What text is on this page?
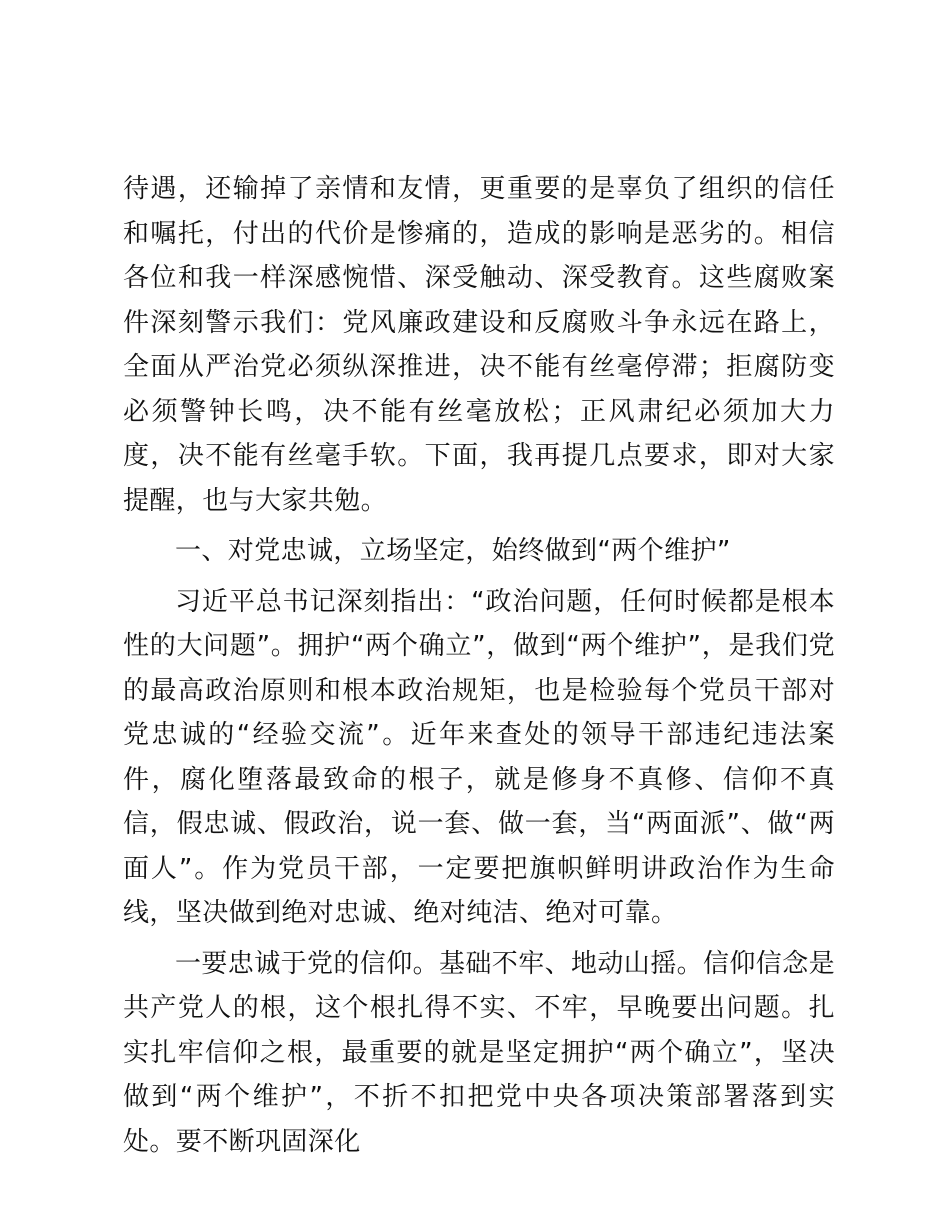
待遇，还输掉了亲情和友情，更重要的是辜负了组织的信任和嘱托，付出的代价是惨痛的，造成的影响是恶劣的。相信各位和我一样深感惋惜、深受触动、深受教育。这些腐败案件深刻警示我们：党风廉政建设和反腐败斗争永远在路上，全面从严治党必须纵深推进，决不能有丝毫停滞；拒腐防变必须警钟长鸣，决不能有丝毫放松；正风肃纪必须加大力度，决不能有丝毫手软。下面，我再提几点要求，即对大家提醒，也与大家共勉。

一、对党忠诚，立场坚定，始终做到“两个维护”

习近平总书记深刻指出：“政治问题，任何时候都是根本性的大问题”。拥护“两个确立”，做到“两个维护”，是我们党的最高政治原则和根本政治规矩，也是检验每个党员干部对党忠诚的“经验交流”。近年来查处的领导干部违纪违法案件，腐化堕落最致命的根子，就是修身不真修、信仰不真信，假忠诚、假政治，说一套、做一套，当“两面派”、做“两面人”。作为党员干部，一定要把旗帜鲜明讲政治作为生命线，坚决做到绝对忠诚、绝对纯洁、绝对可靠。

一要忠诚于党的信仰。基础不牢、地动山摇。信仰信念是共产党人的根，这个根扎得不实、不牢，早晚要出问题。扎实扎牢信仰之根，最重要的就是坚定拥护“两个确立”，坚决做到“两个维护”，不折不扣把党中央各项决策部署落到实处。要不断巩固深化
